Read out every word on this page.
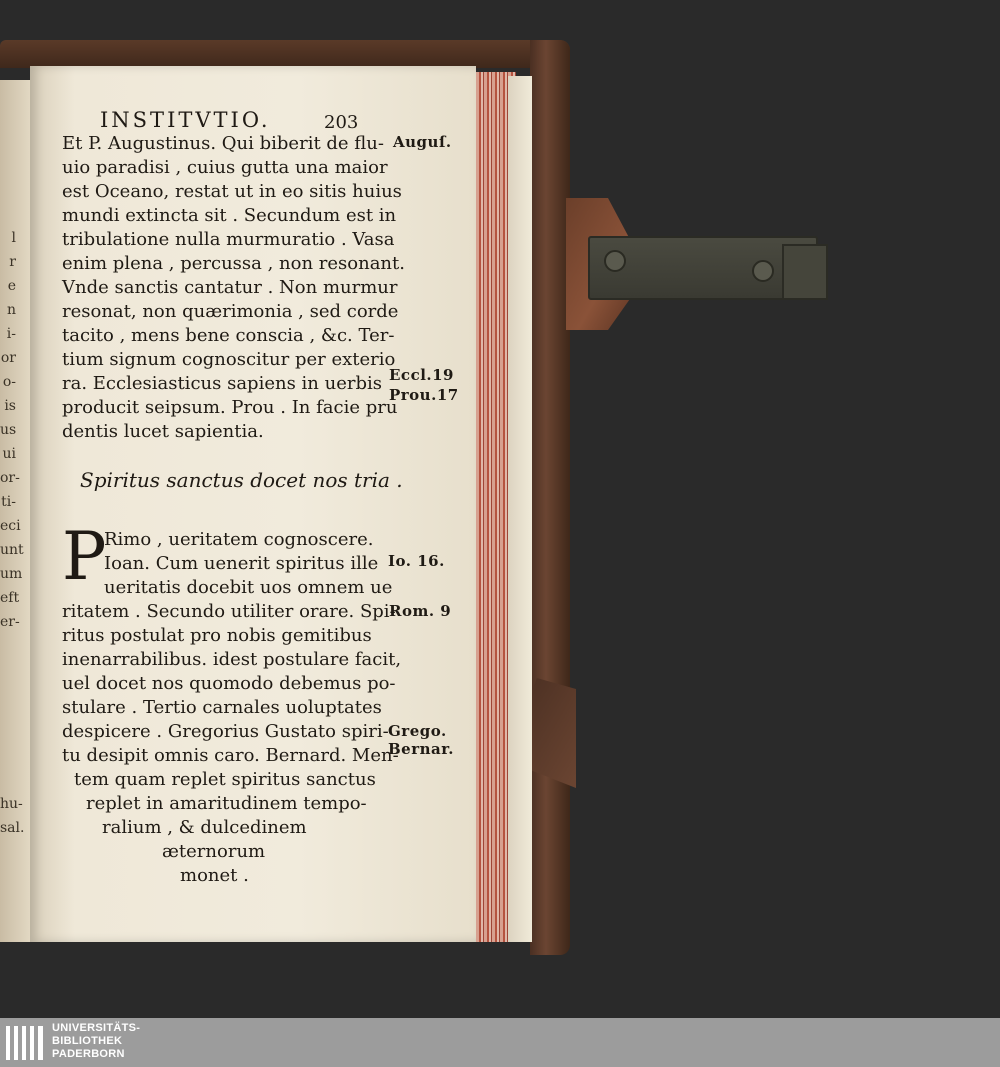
l
r
e
n
i-
or
o-
is
us
ui
or-
ti-
eci
unt
um
eft
er-
hu-
sal.
INSTITVTIO.	203
Et P. Augustinus. Qui biberit de flu-
uio paradisi , cuius gutta una maior
est Oceano, restat ut in eo sitis huius
mundi extincta sit . Secundum est in
tribulatione nulla murmuratio . Vasa
enim plena , percussa , non resonant.
Vnde sanctis cantatur . Non murmur
resonat, non quærimonia , sed corde
tacito , mens bene conscia , &c. Ter-
tium signum cognoscitur per exterio
ra. Ecclesiasticus sapiens in uerbis
producit seipsum. Prou . In facie pru
dentis lucet sapientia.
Spiritus sanctus docet nos tria .
P
Rimo , ueritatem cognoscere.
Ioan. Cum uenerit spiritus ille
ueritatis docebit uos omnem ue
ritatem . Secundo utiliter orare. Spi-
ritus postulat pro nobis gemitibus
inenarrabilibus. idest postulare facit,
uel docet nos quomodo debemus po-
stulare . Tertio carnales uoluptates
despicere . Gregorius Gustato spiri-
tu desipit omnis caro. Bernard. Men-
tem quam replet spiritus sanctus
replet in amaritudinem tempo-
ralium , & dulcedinem
æternorum
monet .
Auguſ.
Eccl.19
Prou.17
Io. 16.
Rom. 9
Grego.
Bernar.
UNIVERSITÄTS-
BIBLIOTHEK
PADERBORN
